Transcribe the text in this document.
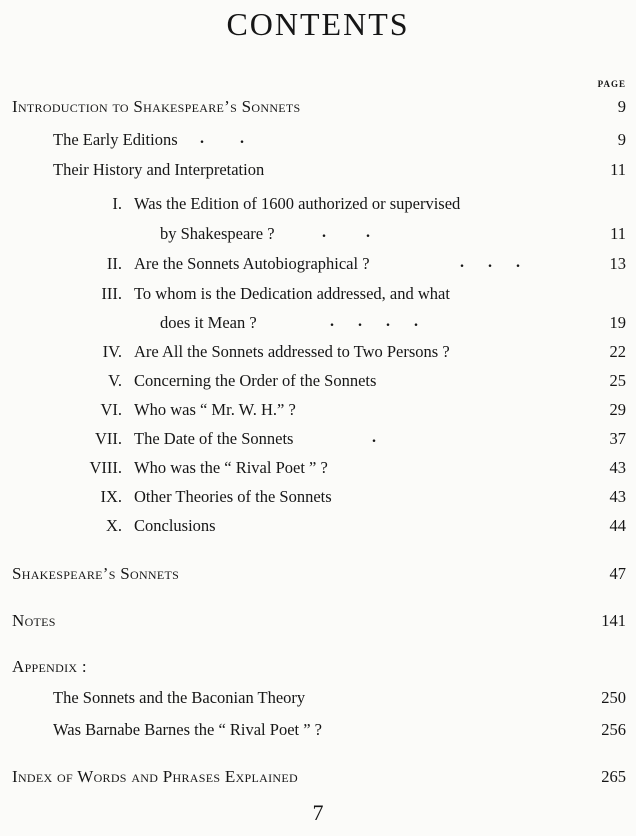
CONTENTS
PAGE
Introduction to Shakespeare’s Sonnets	9
The Early Editions .         .	9
Their History and Interpretation	11
I. Was the Edition of 1600 authorized or supervised
by Shakespeare ?	.          .	11
II. Are the Sonnets Autobiographical ?	.      .      .	13
III. To whom is the Dedication addressed, and what
does it Mean ?	.      .      .      .	19
IV. Are All the Sonnets addressed to Two Persons ?	22
V. Concerning the Order of the Sonnets	25
VI. Who was “ Mr. W. H.” ?	29
VII. The Date of the Sonnets	.	37
VIII. Who was the “ Rival Poet ” ?	43
IX. Other Theories of the Sonnets	43
X. Conclusions	44
Shakespeare’s Sonnets	47
Notes	141
Appendix :
The Sonnets and the Baconian Theory	250
Was Barnabe Barnes the “ Rival Poet ” ?	256
Index of Words and Phrases Explained	265
7
